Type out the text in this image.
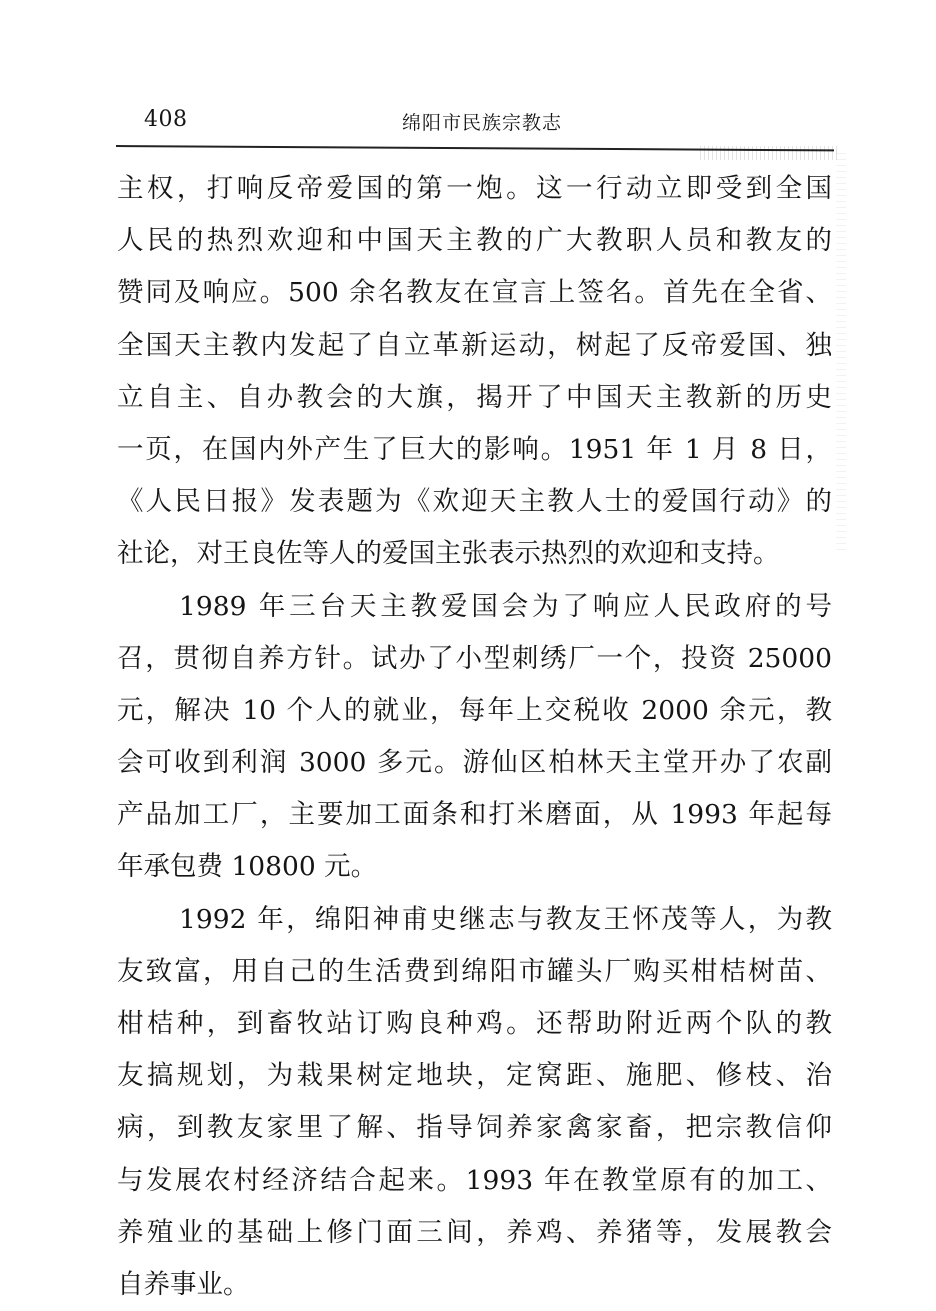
408	绵阳市民族宗教志
主权，打响反帝爱国的第一炮。这一行动立即受到全国
人民的热烈欢迎和中国天主教的广大教职人员和教友的
赞同及响应。500 余名教友在宣言上签名。首先在全省、
全国天主教内发起了自立革新运动，树起了反帝爱国、独
立自主、自办教会的大旗，揭开了中国天主教新的历史
一页，在国内外产生了巨大的影响。1951 年 1 月 8 日，
《人民日报》发表题为《欢迎天主教人士的爱国行动》的
社论，对王良佐等人的爱国主张表示热烈的欢迎和支持。
1989 年三台天主教爱国会为了响应人民政府的号
召，贯彻自养方针。试办了小型刺绣厂一个，投资 25000
元，解决 10 个人的就业，每年上交税收 2000 余元，教
会可收到利润 3000 多元。游仙区柏林天主堂开办了农副
产品加工厂，主要加工面条和打米磨面，从 1993 年起每
年承包费 10800 元。
1992 年，绵阳神甫史继志与教友王怀茂等人，为教
友致富，用自己的生活费到绵阳市罐头厂购买柑桔树苗、
柑桔种，到畜牧站订购良种鸡。还帮助附近两个队的教
友搞规划，为栽果树定地块，定窝距、施肥、修枝、治
病，到教友家里了解、指导饲养家禽家畜，把宗教信仰
与发展农村经济结合起来。1993 年在教堂原有的加工、
养殖业的基础上修门面三间，养鸡、养猪等，发展教会
自养事业。
